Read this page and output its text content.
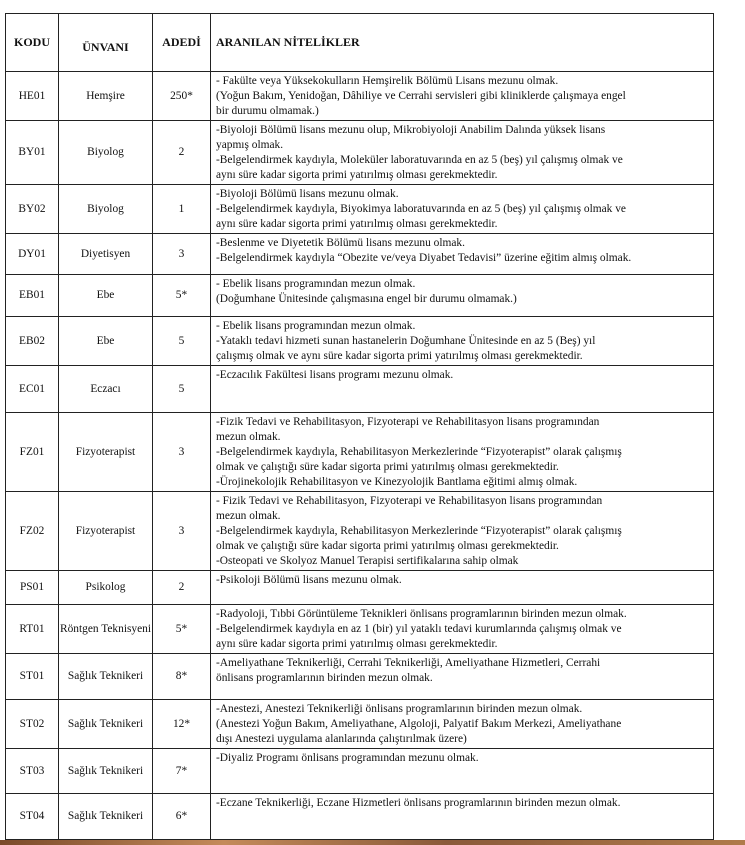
KODU	ÜNVANI	ADEDİ	ARANILAN NİTELİKLER
HE01	Hemşire	250*	- Fakülte veya Yüksekokulların Hemşirelik Bölümü Lisans mezunu olmak.
(Yoğun Bakım, Yenidoğan, Dâhiliye ve Cerrahi servisleri gibi kliniklerde çalışmaya engel
bir durumu olmamak.)

BY01	Biyolog	2	-Biyoloji Bölümü lisans mezunu olup, Mikrobiyoloji Anabilim Dalında yüksek lisans
yapmış olmak.
-Belgelendirmek kaydıyla, Moleküler laboratuvarında en az 5 (beş) yıl çalışmış olmak ve
aynı süre kadar sigorta primi yatırılmış olması gerekmektedir.

BY02	Biyolog	1	-Biyoloji Bölümü lisans mezunu olmak.
-Belgelendirmek kaydıyla, Biyokimya laboratuvarında en az 5 (beş) yıl çalışmış olmak ve
aynı süre kadar sigorta primi yatırılmış olması gerekmektedir.

DY01	Diyetisyen	3	-Beslenme ve Diyetetik Bölümü lisans mezunu olmak.
-Belgelendirmek kaydıyla “Obezite ve/veya Diyabet Tedavisi” üzerine eğitim almış olmak.

EB01	Ebe	5*	- Ebelik lisans programından mezun olmak.
(Doğumhane Ünitesinde çalışmasına engel bir durumu olmamak.)

EB02	Ebe	5	- Ebelik lisans programından mezun olmak.
-Yataklı tedavi hizmeti sunan hastanelerin Doğumhane Ünitesinde en az 5 (Beş) yıl
çalışmış olmak ve aynı süre kadar sigorta primi yatırılmış olması gerekmektedir.

EC01	Eczacı	5	-Eczacılık Fakültesi lisans programı mezunu olmak.

FZ01	Fizyoterapist	3	-Fizik Tedavi ve Rehabilitasyon, Fizyoterapi ve Rehabilitasyon lisans programından
mezun olmak.
-Belgelendirmek kaydıyla, Rehabilitasyon Merkezlerinde “Fizyoterapist” olarak çalışmış
olmak ve çalıştığı süre kadar sigorta primi yatırılmış olması gerekmektedir.
-Ürojinekolojik Rehabilitasyon ve Kinezyolojik Bantlama eğitimi almış olmak.

FZ02	Fizyoterapist	3	- Fizik Tedavi ve Rehabilitasyon, Fizyoterapi ve Rehabilitasyon lisans programından
mezun olmak.
-Belgelendirmek kaydıyla, Rehabilitasyon Merkezlerinde “Fizyoterapist” olarak çalışmış
olmak ve çalıştığı süre kadar sigorta primi yatırılmış olması gerekmektedir.
-Osteopati ve Skolyoz Manuel Terapisi sertifikalarına sahip olmak

PS01	Psikolog	2	-Psikoloji Bölümü lisans mezunu olmak.

RT01	Röntgen Teknisyeni	5*	-Radyoloji, Tıbbi Görüntüleme Teknikleri önlisans programlarının birinden mezun olmak.
-Belgelendirmek kaydıyla en az 1 (bir) yıl yataklı tedavi kurumlarında çalışmış olmak ve
aynı süre kadar sigorta primi yatırılmış olması gerekmektedir.

ST01	Sağlık Teknikeri	8*	-Ameliyathane Teknikerliği, Cerrahi Teknikerliği, Ameliyathane Hizmetleri, Cerrahi
önlisans programlarının birinden mezun olmak.

ST02	Sağlık Teknikeri	12*	-Anestezi, Anestezi Teknikerliği önlisans programlarının birinden mezun olmak.
(Anestezi Yoğun Bakım, Ameliyathane, Algoloji, Palyatif Bakım Merkezi, Ameliyathane
dışı Anestezi uygulama alanlarında çalıştırılmak üzere)

ST03	Sağlık Teknikeri	7*	-Diyaliz Programı önlisans programından mezunu olmak.

ST04	Sağlık Teknikeri	6*	-Eczane Teknikerliği, Eczane Hizmetleri önlisans programlarının birinden mezun olmak.
